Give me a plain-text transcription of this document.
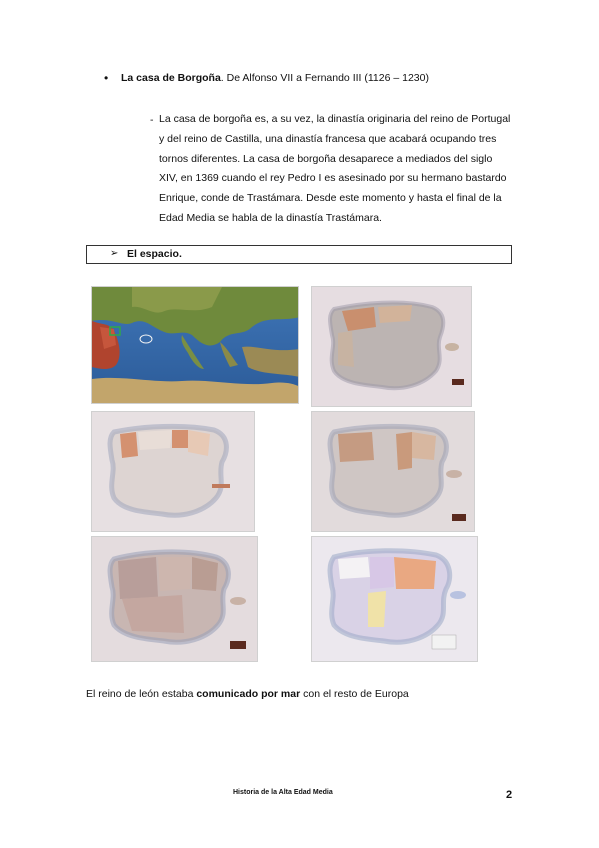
• La casa de Borgoña. De Alfonso VII a Fernando III (1126 – 1230)
- La casa de borgoña es, a su vez, la dinastía originaria del reino de Portugal

y del reino de Castilla, una dinastía francesa que acabará ocupando tres

tornos diferentes. La casa de borgoña desaparece a mediados del siglo

XIV, en 1369 cuando el rey Pedro I es asesinado por su hermano bastardo

Enrique, conde de Trastámara. Desde este momento y hasta el final de la

Edad Media se habla de la dinastía Trastámara.

➢ El espacio.
El reino de león estaba comunicado por mar con el resto de Europa
Historia de la Alta Edad Media	2
